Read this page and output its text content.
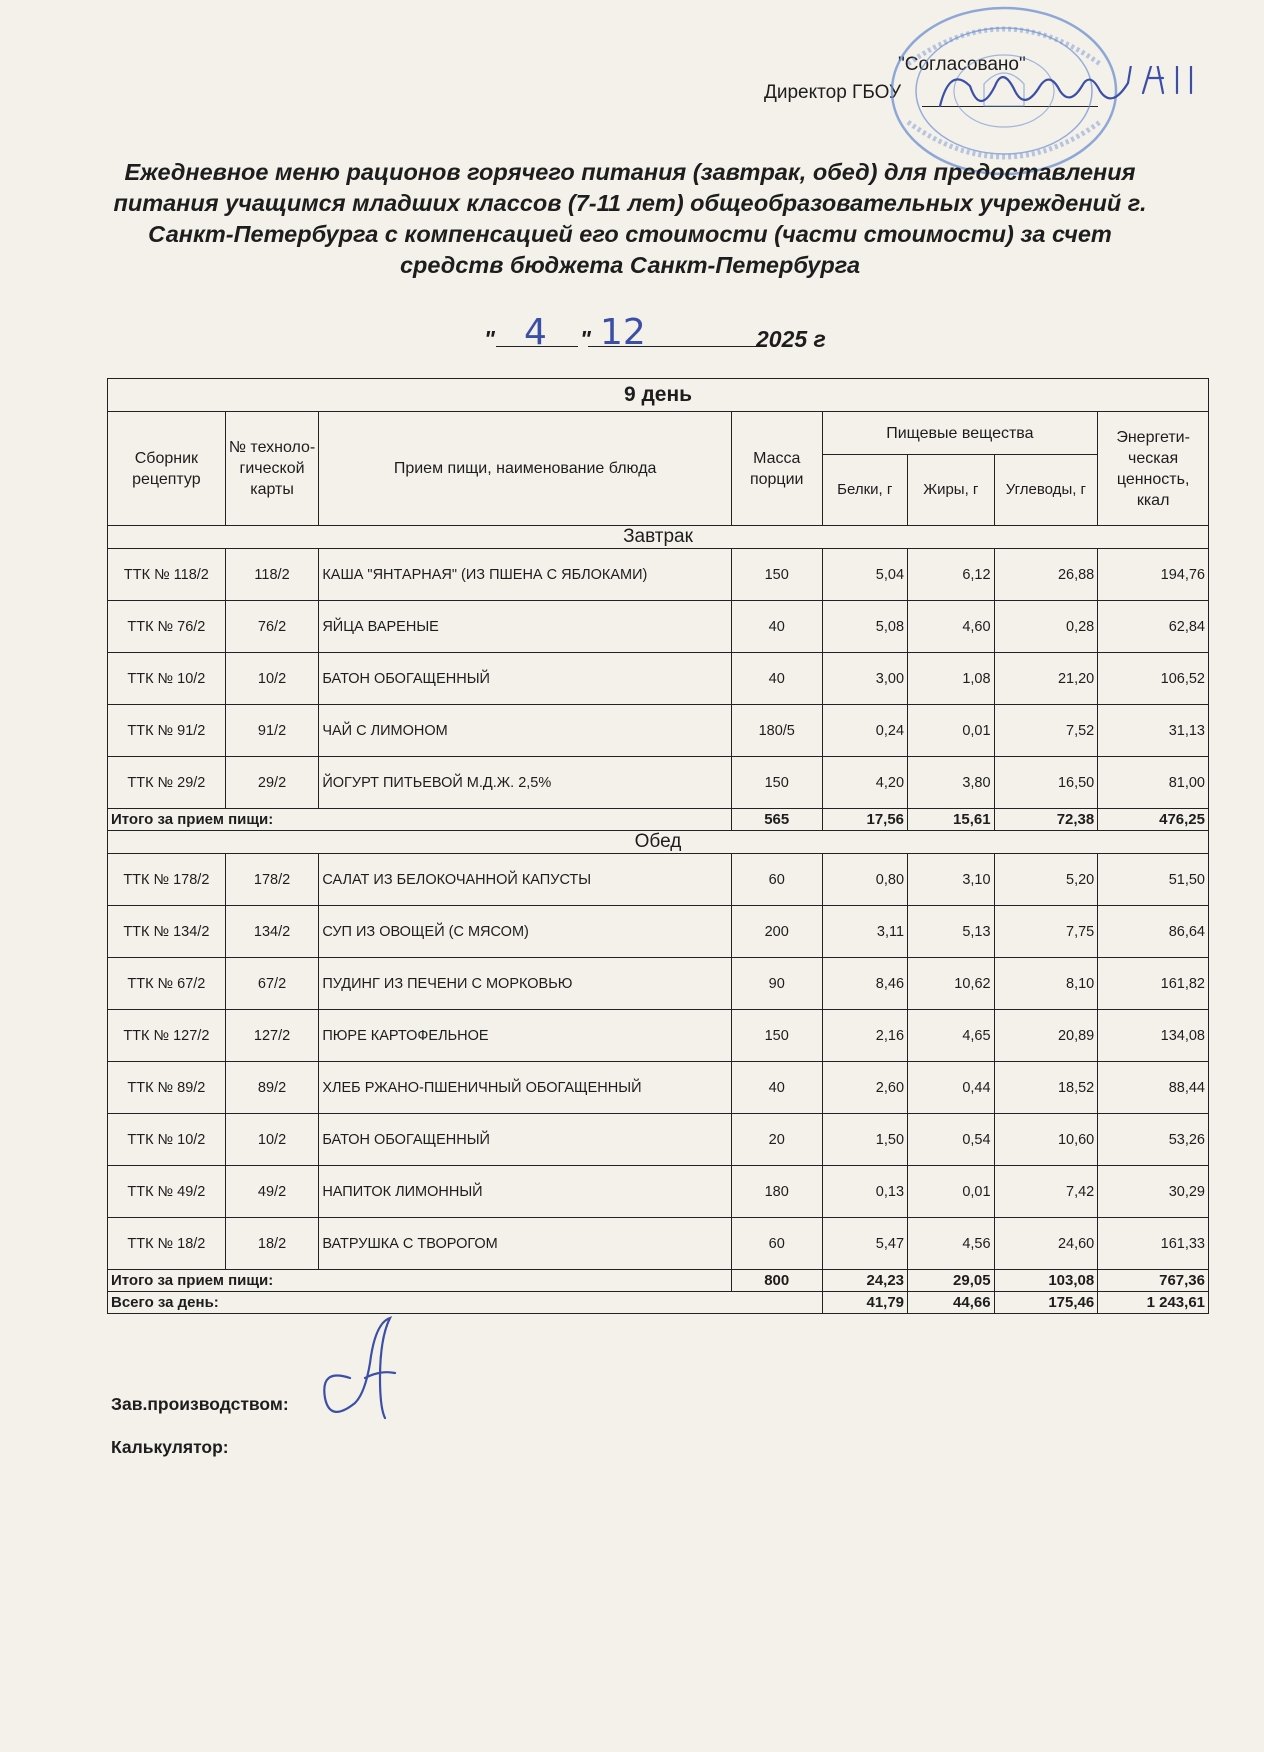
"Согласовано"
Директор ГБОУ
Ежедневное меню рационов горячего питания (завтрак, обед) для предоставления питания учащимся младших классов (7-11 лет) общеобразовательных учреждений г. Санкт-Петербурга с компенсацией его стоимости (части стоимости) за счет средств бюджета Санкт-Петербурга
" 4 " 12	2025 г
9 день							
Сборник рецептур	№ техноло-гической карты	Прием пищи, наименование блюда	Масса порции	Пищевые вещества			Энергети-ческая ценность, ккал
				Белки, г	Жиры, г	Углеводы, г	
Завтрак							
ТТК № 118/2	118/2	КАША "ЯНТАРНАЯ" (ИЗ ПШЕНА С ЯБЛОКАМИ)	150	5,04	6,12	26,88	194,76
ТТК № 76/2	76/2	ЯЙЦА ВАРЕНЫЕ	40	5,08	4,60	0,28	62,84
ТТК № 10/2	10/2	БАТОН ОБОГАЩЕННЫЙ	40	3,00	1,08	21,20	106,52
ТТК № 91/2	91/2	ЧАЙ С ЛИМОНОМ	180/5	0,24	0,01	7,52	31,13
ТТК № 29/2	29/2	ЙОГУРТ ПИТЬЕВОЙ М.Д.Ж. 2,5%	150	4,20	3,80	16,50	81,00
Итого за прием пищи:			565	17,56	15,61	72,38	476,25
Обед							
ТТК № 178/2	178/2	САЛАТ ИЗ БЕЛОКОЧАННОЙ КАПУСТЫ	60	0,80	3,10	5,20	51,50
ТТК № 134/2	134/2	СУП ИЗ ОВОЩЕЙ (С МЯСОМ)	200	3,11	5,13	7,75	86,64
ТТК № 67/2	67/2	ПУДИНГ ИЗ ПЕЧЕНИ С МОРКОВЬЮ	90	8,46	10,62	8,10	161,82
ТТК № 127/2	127/2	ПЮРЕ КАРТОФЕЛЬНОЕ	150	2,16	4,65	20,89	134,08
ТТК № 89/2	89/2	ХЛЕБ РЖАНО-ПШЕНИЧНЫЙ ОБОГАЩЕННЫЙ	40	2,60	0,44	18,52	88,44
ТТК № 10/2	10/2	БАТОН ОБОГАЩЕННЫЙ	20	1,50	0,54	10,60	53,26
ТТК № 49/2	49/2	НАПИТОК ЛИМОННЫЙ	180	0,13	0,01	7,42	30,29
ТТК № 18/2	18/2	ВАТРУШКА С ТВОРОГОМ	60	5,47	4,56	24,60	161,33
Итого за прием пищи:			800	24,23	29,05	103,08	767,36
Всего за день:				41,79	44,66	175,46	1 243,61
Зав.производством:
Калькулятор:
